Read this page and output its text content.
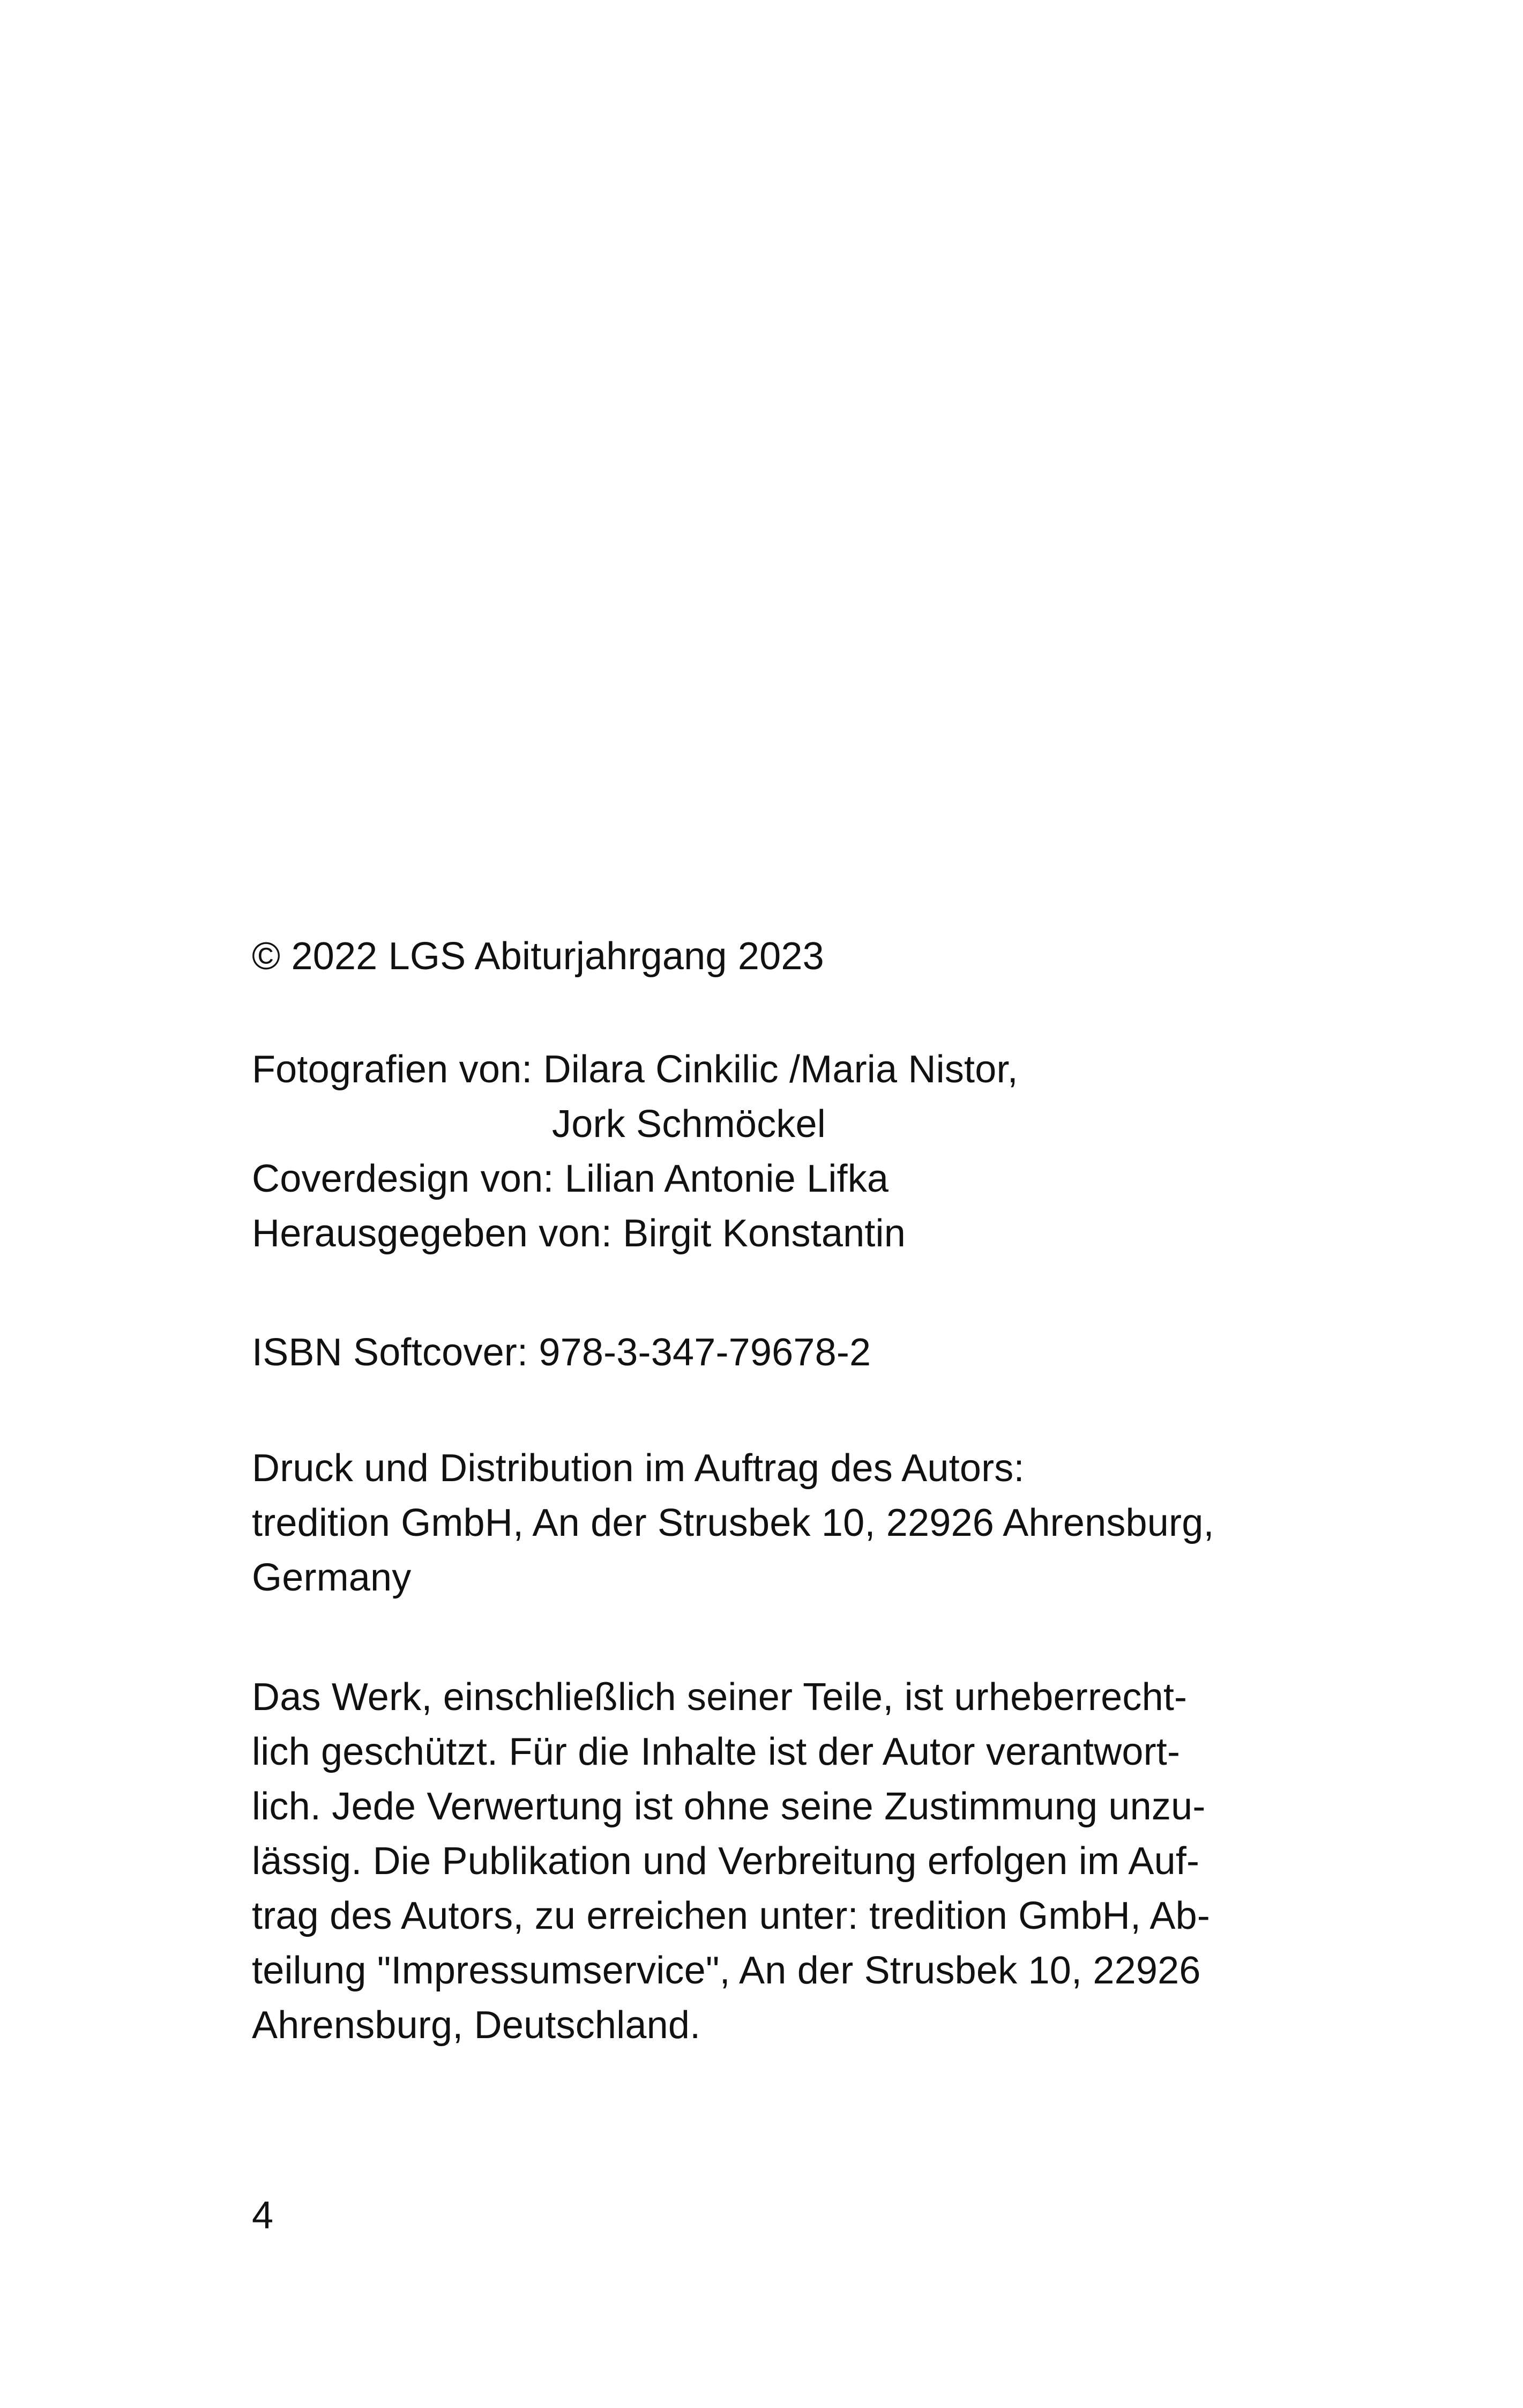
© 2022 LGS Abiturjahrgang 2023

Fotografien von: Dilara Cinkilic /Maria Nistor,
Jork Schmöckel
Coverdesign von: Lilian Antonie Lifka
Herausgegeben von: Birgit Konstantin

ISBN Softcover: 978-3-347-79678-2

Druck und Distribution im Auftrag des Autors:
tredition GmbH, An der Strusbek 10, 22926 Ahrensburg,
Germany

Das Werk, einschließlich seiner Teile, ist urheberrecht-
lich geschützt. Für die Inhalte ist der Autor verantwort-
lich. Jede Verwertung ist ohne seine Zustimmung unzu-
lässig. Die Publikation und Verbreitung erfolgen im Auf-
trag des Autors, zu erreichen unter: tredition GmbH, Ab-
teilung "Impressumservice", An der Strusbek 10, 22926
Ahrensburg, Deutschland.

4
